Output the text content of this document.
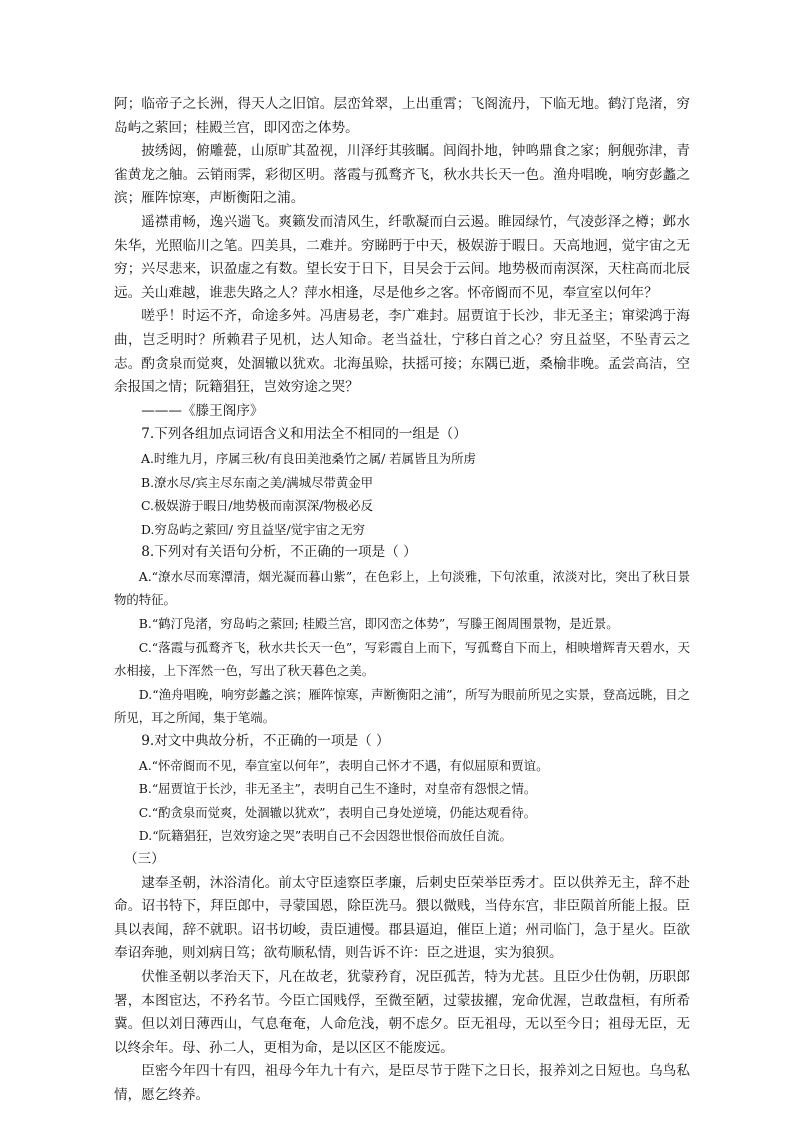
阿；临帝子之长洲，得天人之旧馆。层峦耸翠，上出重霄；飞阁流丹，下临无地。鹤汀凫渚，穷岛屿之萦回；桂殿兰宫，即冈峦之体势。

披绣闼，俯雕甍，山原旷其盈视，川泽纡其骇瞩。闾阎扑地，钟鸣鼎食之家；舸舰弥津，青雀黄龙之舳。云销雨霁，彩彻区明。落霞与孤鹜齐飞，秋水共长天一色。渔舟唱晚，响穷彭蠡之滨；雁阵惊寒，声断衡阳之浦。

遥襟甫畅，逸兴遄飞。爽籁发而清风生，纤歌凝而白云遏。睢园绿竹，气凌彭泽之樽；邺水朱华，光照临川之笔。四美具，二难并。穷睇眄于中天，极娱游于暇日。天高地迥，觉宇宙之无穷；兴尽悲来，识盈虚之有数。望长安于日下，目吴会于云间。地势极而南溟深，天柱高而北辰远。关山难越，谁悲失路之人？萍水相逢，尽是他乡之客。怀帝阍而不见，奉宣室以何年？

嗟乎！时运不齐，命途多舛。冯唐易老，李广难封。屈贾谊于长沙，非无圣主；窜梁鸿于海曲，岂乏明时？所赖君子见机，达人知命。老当益壮，宁移白首之心？穷且益坚，不坠青云之志。酌贪泉而觉爽，处涸辙以犹欢。北海虽赊，扶摇可接；东隅已逝，桑榆非晚。孟尝高洁，空余报国之情；阮籍猖狂，岂效穷途之哭？

———《滕王阁序》

7.下列各组加点词语含义和用法全不相同的一组是（）

A.时维九月，序属三秋/有良田美池桑竹之属/ 若属皆且为所虏

B.潦水尽/宾主尽东南之美/满城尽带黄金甲

C.极娱游于暇日/地势极而南溟深/物极必反

D.穷岛屿之萦回/ 穷且益坚/觉宇宙之无穷

8.下列对有关语句分析，不正确的一项是（ ）

A.“潦水尽而寒潭清，烟光凝而暮山紫”，在色彩上，上句淡雅，下句浓重，浓淡对比，突出了秋日景物的特征。

B.“鹤汀凫渚，穷岛屿之萦回; 桂殿兰宫，即冈峦之体势”，写滕王阁周围景物，是近景。

C.“落霞与孤鹜齐飞，秋水共长天一色”，写彩霞自上而下，写孤鹜自下而上，相映增辉青天碧水，天水相接，上下浑然一色，写出了秋天暮色之美。

D.“渔舟唱晚，响穷彭蠡之滨；雁阵惊寒，声断衡阳之浦”，所写为眼前所见之实景，登高远眺，目之所见，耳之所闻，集于笔端。

9.对文中典故分析，不正确的一项是（ ）

A.“怀帝阍而不见，奉宣室以何年”，表明自己怀才不遇，有似屈原和贾谊。

B.“屈贾谊于长沙，非无圣主”，表明自己生不逢时，对皇帝有怨恨之情。

C.“酌贪泉而觉爽，处涸辙以犹欢”，表明自己身处逆境，仍能达观看待。

D.“阮籍猖狂，岂效穷途之哭”表明自己不会因怨世恨俗而放任自流。

（三）

逮奉圣朝，沐浴清化。前太守臣逵察臣孝廉，后刺史臣荣举臣秀才。臣以供养无主，辞不赴命。诏书特下，拜臣郎中，寻蒙国恩，除臣洗马。猥以微贱，当侍东宫，非臣陨首所能上报。臣具以表闻，辞不就职。诏书切峻，责臣逋慢。郡县逼迫，催臣上道；州司临门，急于星火。臣欲奉诏奔驰，则刘病日笃；欲苟顺私情，则告诉不许：臣之进退，实为狼狈。

伏惟圣朝以孝治天下，凡在故老，犹蒙矜育，况臣孤苦，特为尤甚。且臣少仕伪朝，历职郎署，本图宦达，不矜名节。今臣亡国贱俘，至微至陋，过蒙拔擢，宠命优渥，岂敢盘桓，有所希冀。但以刘日薄西山，气息奄奄，人命危浅，朝不虑夕。臣无祖母，无以至今日；祖母无臣，无以终余年。母、孙二人，更相为命，是以区区不能废远。

臣密今年四十有四，祖母今年九十有六，是臣尽节于陛下之日长，报养刘之日短也。乌鸟私情，愿乞终养。
